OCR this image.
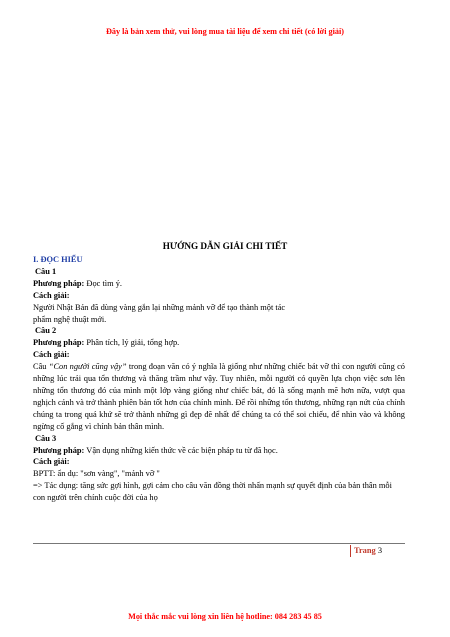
Đây là bản xem thử, vui lòng mua tài liệu để xem chi tiết (có lời giải)
HƯỚNG DẪN GIẢI CHI TIẾT

I. ĐỌC HIỂU

Câu 1

Phương pháp: Đọc tìm ý.

Cách giải:

Người Nhật Bản đã dùng vàng gắn lại những mảnh vỡ để tạo thành một tác

phẩm nghệ thuật mới.

Câu 2

Phương pháp: Phân tích, lý giải, tổng hợp.

Cách giải:

Câu “Con người cũng vậy” trong đoạn văn có ý nghĩa là giống như những chiếc bát vỡ thì con người cũng có những lúc trải qua tổn thương và thăng trầm như vậy. Tuy nhiên, mỗi người có quyền lựa chọn việc sơn lên những tổn thương đó của mình một lớp vàng giống như chiếc bát, đó là sống mạnh mẽ hơn nữa, vượt qua nghịch cảnh và trở thành phiên bản tốt hơn của chính mình. Để rồi những tổn thương, những rạn nứt của chính chúng ta trong quá khứ sẽ trở thành những gì đẹp đẽ nhất để chúng ta có thể soi chiếu, để nhìn vào và không ngừng cố gắng vì chính bản thân mình.

Câu 3

Phương pháp: Vận dụng những kiến thức về các biện pháp tu từ đã học.

Cách giải:

BPTT: ẩn dụ: "sơn vàng", "mảnh vỡ "

=> Tác dụng: tăng sức gợi hình, gợi cảm cho câu văn đồng thời nhấn mạnh sự quyết định của bản thân mỗi con người trên chính cuộc đời của họ

Trang 3
Mọi thắc mắc vui lòng xin liên hệ hotline: 084 283 45 85
